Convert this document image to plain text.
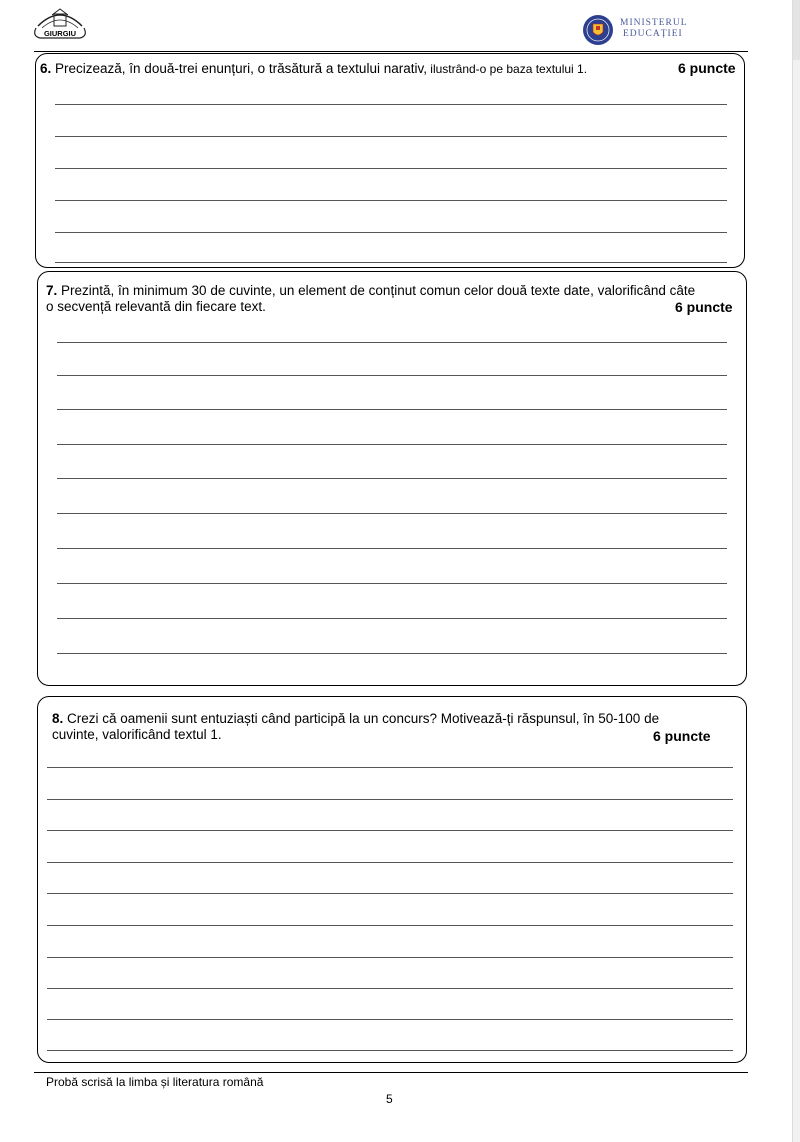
GIURGIU
MINISTERUL
EDUCAȚIEI
6. Precizează, în două-trei enunțuri, o trăsătură a textului narativ, ilustrând-o pe baza textului 1.	6 puncte
7. Prezintă, în minimum 30 de cuvinte, un element de conținut comun celor două texte date, valorificând câte
o secvență relevantă din fiecare text.	6 puncte
8. Crezi că oamenii sunt entuziaști când participă la un concurs? Motivează-ți răspunsul, în 50-100 de
cuvinte, valorificând textul 1.	6 puncte
Probă scrisă la limba și literatura română
5
